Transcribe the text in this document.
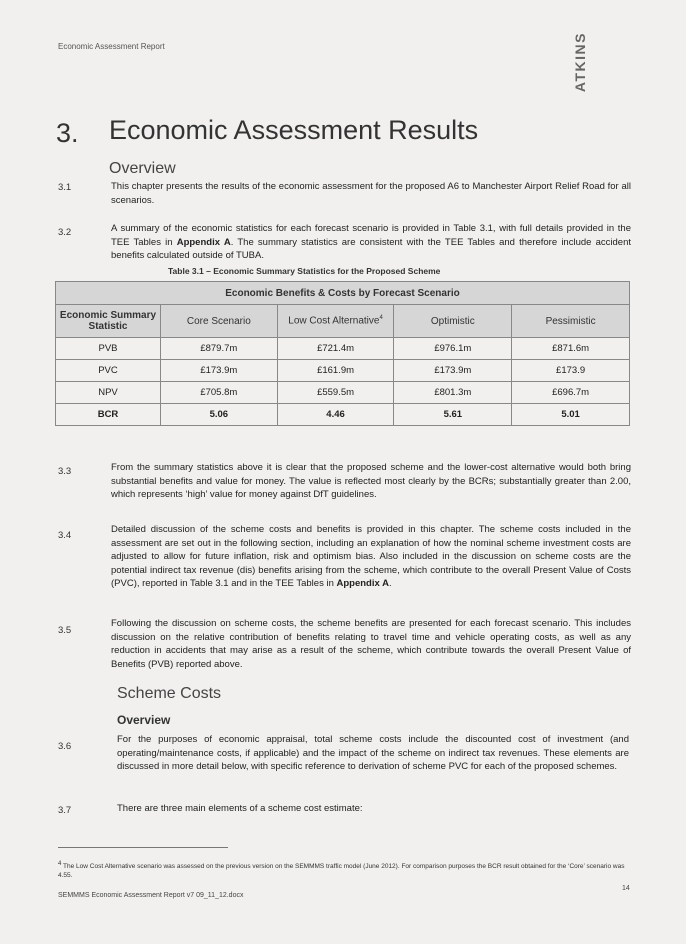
Economic Assessment Report	ATKINS
3. Economic Assessment Results
Overview
3.1	This chapter presents the results of the economic assessment for the proposed A6 to Manchester Airport Relief Road for all scenarios.
3.2	A summary of the economic statistics for each forecast scenario is provided in Table 3.1, with full details provided in the TEE Tables in Appendix A. The summary statistics are consistent with the TEE Tables and therefore include accident benefits calculated outside of TUBA.
Table 3.1 – Economic Summary Statistics for the Proposed Scheme
Economic Benefits & Costs by Forecast Scenario				
Economic Summary Statistic	Core Scenario	Low Cost Alternative$^4$	Optimistic	Pessimistic
PVB	£879.7m	£721.4m	£976.1m	£871.6m
PVC	£173.9m	£161.9m	£173.9m	£173.9
NPV	£705.8m	£559.5m	£801.3m	£696.7m
BCR	5.06	4.46	5.61	5.01
3.3	From the summary statistics above it is clear that the proposed scheme and the lower-cost alternative would both bring substantial benefits and value for money. The value is reflected most clearly by the BCRs; substantially greater than 2.00, which represents ‘high’ value for money against DfT guidelines.
3.4
Detailed discussion of the scheme costs and benefits is provided in this chapter. The scheme costs included in the assessment are set out in the following section, including an explanation of how the nominal scheme investment costs are adjusted to allow for future inflation, risk and optimism bias. Also included in the discussion on scheme costs are the potential indirect tax revenue (dis) benefits arising from the scheme, which contribute to the overall Present Value of Costs (PVC), reported in Table 3.1 and in the TEE Tables in Appendix A.
3.5
Following the discussion on scheme costs, the scheme benefits are presented for each forecast scenario. This includes discussion on the relative contribution of benefits relating to travel time and vehicle operating costs, as well as any reduction in accidents that may arise as a result of the scheme, which contribute towards the overall Present Value of Benefits (PVB) reported above.
Scheme Costs
Overview
3.6
For the purposes of economic appraisal, total scheme costs include the discounted cost of investment (and operating/maintenance costs, if applicable) and the impact of the scheme on indirect tax revenues. These elements are discussed in more detail below, with specific reference to derivation of scheme PVC for each of the proposed schemes.
3.7	There are three main elements of a scheme cost estimate:
$^4$ The Low Cost Alternative scenario was assessed on the previous version on the SEMMMS traffic model (June 2012). For comparison purposes the BCR result obtained for the ‘Core’ scenario was 4.55.
SEMMMS Economic Assessment Report v7 09_11_12.docx
14
